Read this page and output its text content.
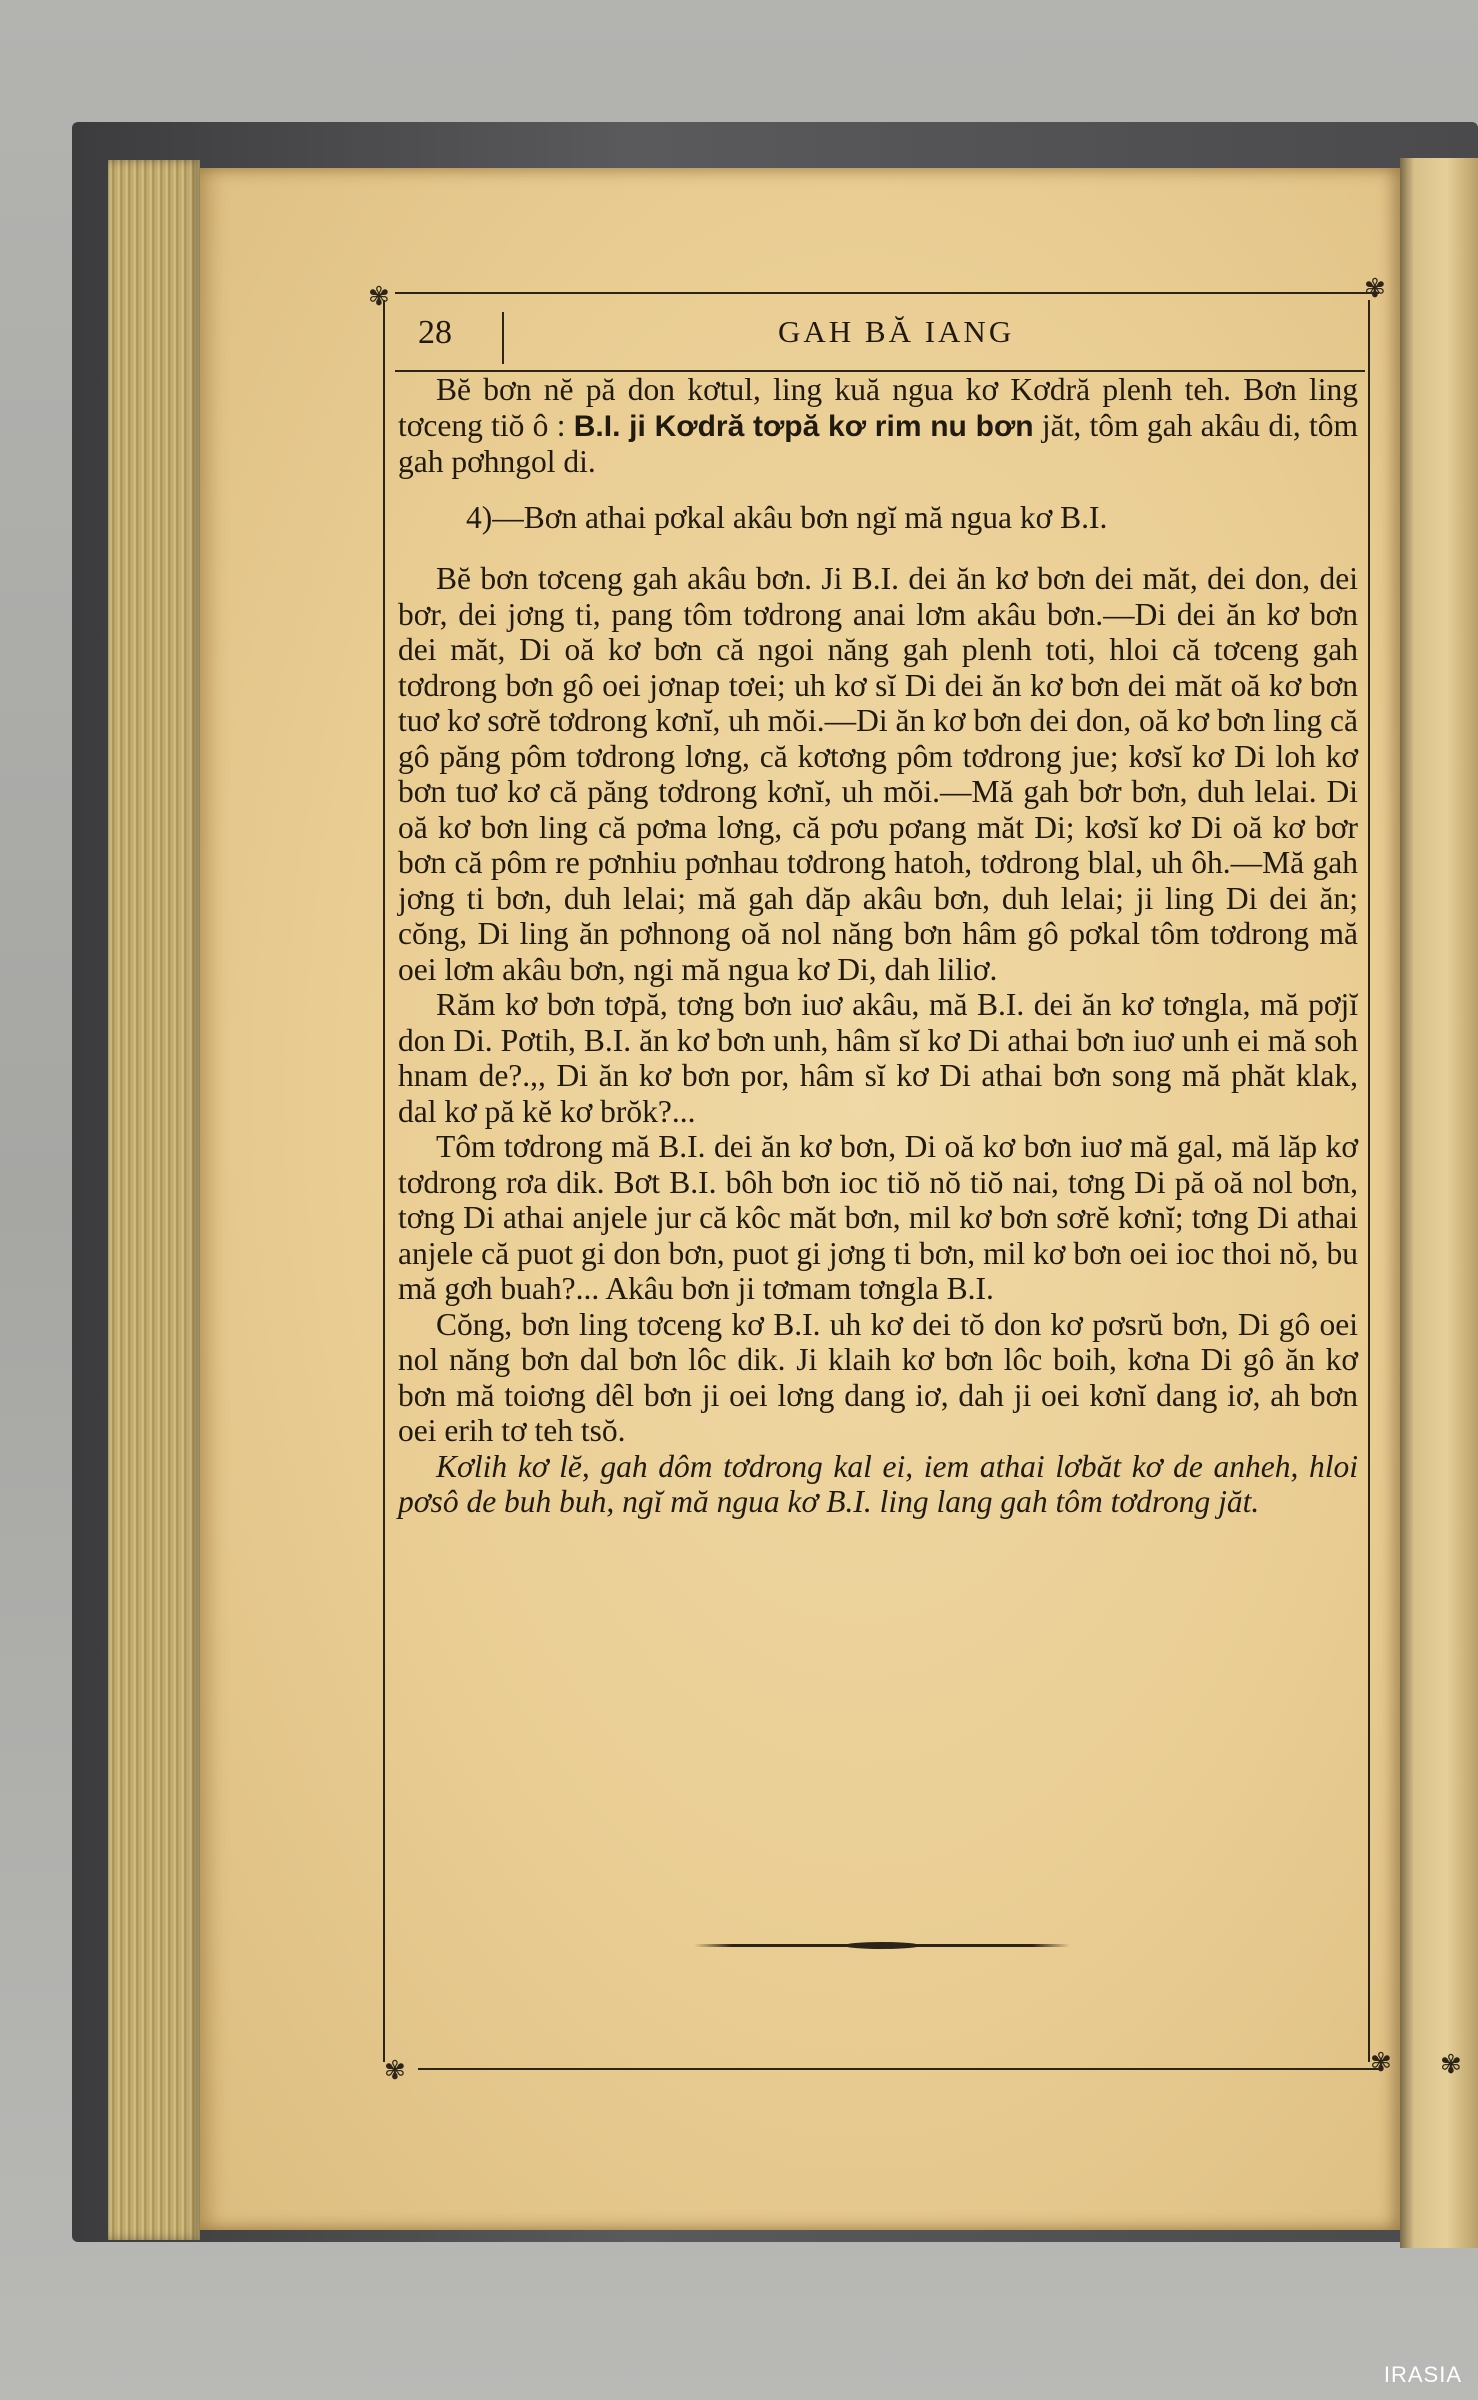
✾	✾
✾	✾ ✾
28	GAH BĂ IANG

Bĕ bơn nĕ pă don kơtul, ling kuă ngua kơ Kơdră plenh teh. Bơn ling tơceng tiŏ ô : B.I. ji Kơdră tơpă kơ rim nu bơn jăt, tôm gah akâu di, tôm gah pơhngol di.

4)—Bơn athai pơkal akâu bơn ngĭ mă ngua kơ B.I.

Bĕ bơn tơceng gah akâu bơn. Ji B.I. dei ăn kơ bơn dei măt, dei don, dei bơr, dei jơng ti, pang tôm tơdrong anai lơm akâu bơn.—Di dei ăn kơ bơn dei măt, Di oă kơ bơn că ngoi năng gah plenh toti, hloi că tơceng gah tơdrong bơn gô oei jơnap tơei; uh kơ sĭ Di dei ăn kơ bơn dei măt oă kơ bơn tuơ kơ sơrĕ tơdrong kơnĭ, uh mŏi.—Di ăn kơ bơn dei don, oă kơ bơn ling că gô păng pôm tơdrong lơng, că kơtơng pôm tơdrong jue; kơsĭ kơ Di loh kơ bơn tuơ kơ că păng tơdrong kơnĭ, uh mŏi.—Mă gah bơr bơn, duh lelai. Di oă kơ bơn ling că pơma lơng, că pơu pơang măt Di; kơsĭ kơ Di oă kơ bơr bơn că pôm re pơnhiu pơnhau tơdrong hatoh, tơdrong blal, uh ôh.—Mă gah jơng ti bơn, duh lelai; mă gah dăp akâu bơn, duh lelai; ji ling Di dei ăn; cŏng, Di ling ăn pơhnong oă nol năng bơn hâm gô pơkal tôm tơdrong mă oei lơm akâu bơn, ngi mă ngua kơ Di, dah liliơ.

Răm kơ bơn tơpă, tơng bơn iuơ akâu, mă B.I. dei ăn kơ tơngla, mă pơjĭ don Di. Pơtih, B.I. ăn kơ bơn unh, hâm sĭ kơ Di athai bơn iuơ unh ei mă soh hnam de?.,, Di ăn kơ bơn por, hâm sĭ kơ Di athai bơn song mă phăt klak, dal kơ pă kĕ kơ brŏk?...

Tôm tơdrong mă B.I. dei ăn kơ bơn, Di oă kơ bơn iuơ mă gal, mă lăp kơ tơdrong rơa dik. Bơt B.I. bôh bơn ioc tiŏ nŏ tiŏ nai, tơng Di pă oă nol bơn, tơng Di athai anjele jur că kôc măt bơn, mil kơ bơn sơrĕ kơnĭ; tơng Di athai anjele că puot gi don bơn, puot gi jơng ti bơn, mil kơ bơn oei ioc thoi nŏ, bu mă gơh buah?... Akâu bơn ji tơmam tơngla B.I.

Cŏng, bơn ling tơceng kơ B.I. uh kơ dei tŏ don kơ pơsrŭ bơn, Di gô oei nol năng bơn dal bơn lôc dik. Ji klaih kơ bơn lôc boih, kơna Di gô ăn kơ bơn mă toiơng dêl bơn ji oei lơng dang iơ, dah ji oei kơnĭ dang iơ, ah bơn oei erih tơ teh tsŏ.

Kơlih kơ lĕ, gah dôm tơdrong kal ei, iem athai lơbăt kơ de anheh, hloi pơsô de buh buh, ngĭ mă ngua kơ B.I. ling lang gah tôm tơdrong jăt.

IRASIA
